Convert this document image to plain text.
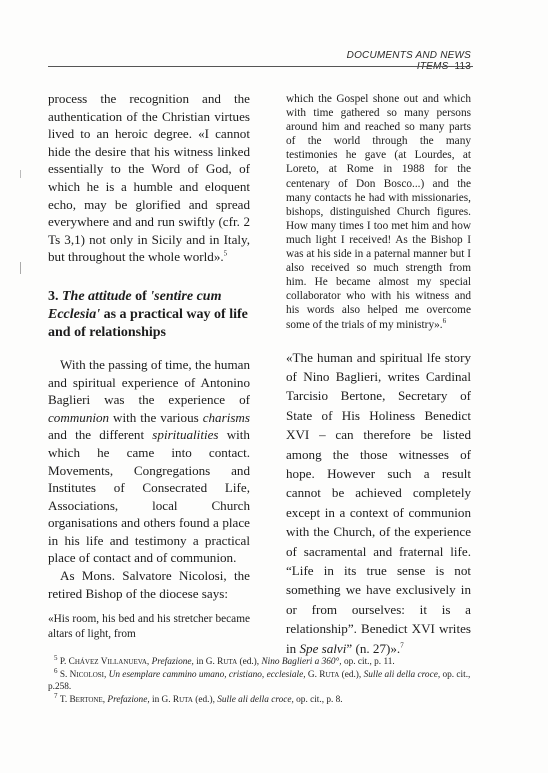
DOCUMENTS AND NEWS

process the recognition and the authentication of the Christian virtues lived to an heroic degree. «I cannot hide the desire that his witness linked essentially to the Word of God, of which he is a humble and eloquent echo, may be glorified and spread everywhere and and run swiftly (cfr. 2 Ts 3,1) not only in Sicily and in Italy, but throughout the whole world».$^5$

3. The attitude of 'sentire cum Ecclesia' as a practical way of life and of relationships

With the passing of time, the human and spiritual experience of Antonino Baglieri was the experience of communion with the various charisms and the different spiritualities with which he came into contact. Movements, Congregations and Institutes of Consecrated Life, Associations, local Church organisations and others found a place in his life and testimony a practical place of contact and of communion.

As Mons. Salvatore Nicolosi, the retired Bishop of the diocese says:

«His room, his bed and his stretcher became altars of light, from

which the Gospel shone out and which with time gathered so many persons around him and reached so many parts of the world through the many testimonies he gave (at Lourdes, at Loreto, at Rome in 1988 for the centenary of Don Bosco...) and the many contacts he had with missionaries, bishops, distinguished Church figures. How many times I too met him and how much light I received! As the Bishop I was at his side in a paternal manner but I also received so much strength from him. He became almost my special collaborator who with his witness and his words also helped me overcome some of the trials of my ministry».$^6$

«The human and spiritual lfe story of Nino Baglieri, writes Cardinal Tarcisio Bertone, Secretary of State of His Holiness Benedict XVI – can therefore be listed among the those witnesses of hope. However such a result cannot be achieved completely except in a context of communion with the Church, of the experience of sacramental and fraternal life. “Life in its true sense is not something we have exclusively in or from ourselves: it is a relationship”. Benedict XVI writes in Spe salvi” (n. 27)».$^7$

$^5$ P. Chávez Villanueva, Prefazione, in G. Ruta (ed.), Nino Baglieri a 360°, op. cit., p. 11.

$^6$ S. Nicolosi, Un esemplare cammino umano, cristiano, ecclesiale, G. Ruta (ed.), Sulle ali della croce, op. cit., p.258.

$^7$ T. Bertone, Prefazione, in G. Ruta (ed.), Sulle ali della croce, op. cit., p. 8.
